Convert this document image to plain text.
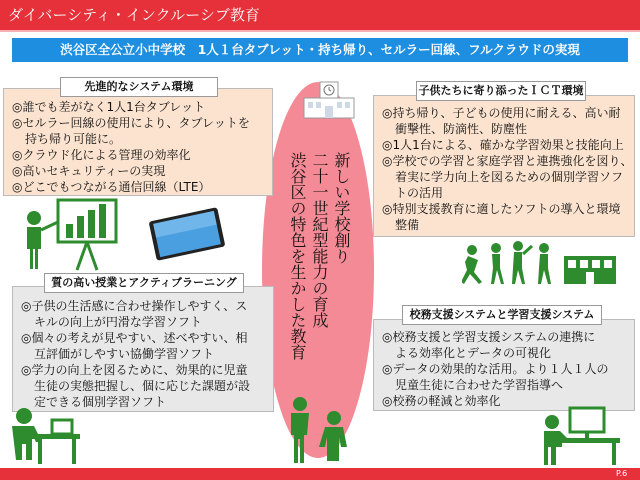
ダイバーシティ・インクルーシブ教育
渋谷区全公立小中学校　1人１台タブレット・持ち帰り、セルラー回線、フルクラウドの実現
新しい学校創り
二十一世紀型能力の育成
渋谷区の特色を生かした教育
◎誰でも差がなく1人1台タブレット
◎セルラー回線の使用により、タブレットを
持ち帰り可能に。
◎クラウド化による管理の効率化
◎高いセキュリティーの実現
◎どこでもつながる通信回線（LTE）
先進的なシステム環境
◎持ち帰り、子どもの使用に耐える、高い耐
衝撃性、防滴性、防塵性
◎1人1台による、確かな学習効果と技能向上
◎学校での学習と家庭学習と連携強化を図り、
着実に学力向上を図るための個別学習ソフ
トの活用
◎特別支援教育に適したソフトの導入と環境
整備
子供たちに寄り添ったＩＣＴ環境
◎子供の生活感に合わせ操作しやすく、ス
キルの向上が円滑な学習ソフト
◎個々の考えが見やすい、述べやすい、相
互評価がしやすい協働学習ソフト
◎学力の向上を図るために、効果的に児童
生徒の実態把握し、個に応じた課題が設
定できる個別学習ソフト
質の高い授業とアクティブラーニング
◎校務支援と学習支援システムの連携に
よる効率化とデータの可視化
◎データの効果的な活用。より１人１人の
児童生徒に合わせた学習指導へ
◎校務の軽減と効率化
校務支援システムと学習支援システム
P.6
